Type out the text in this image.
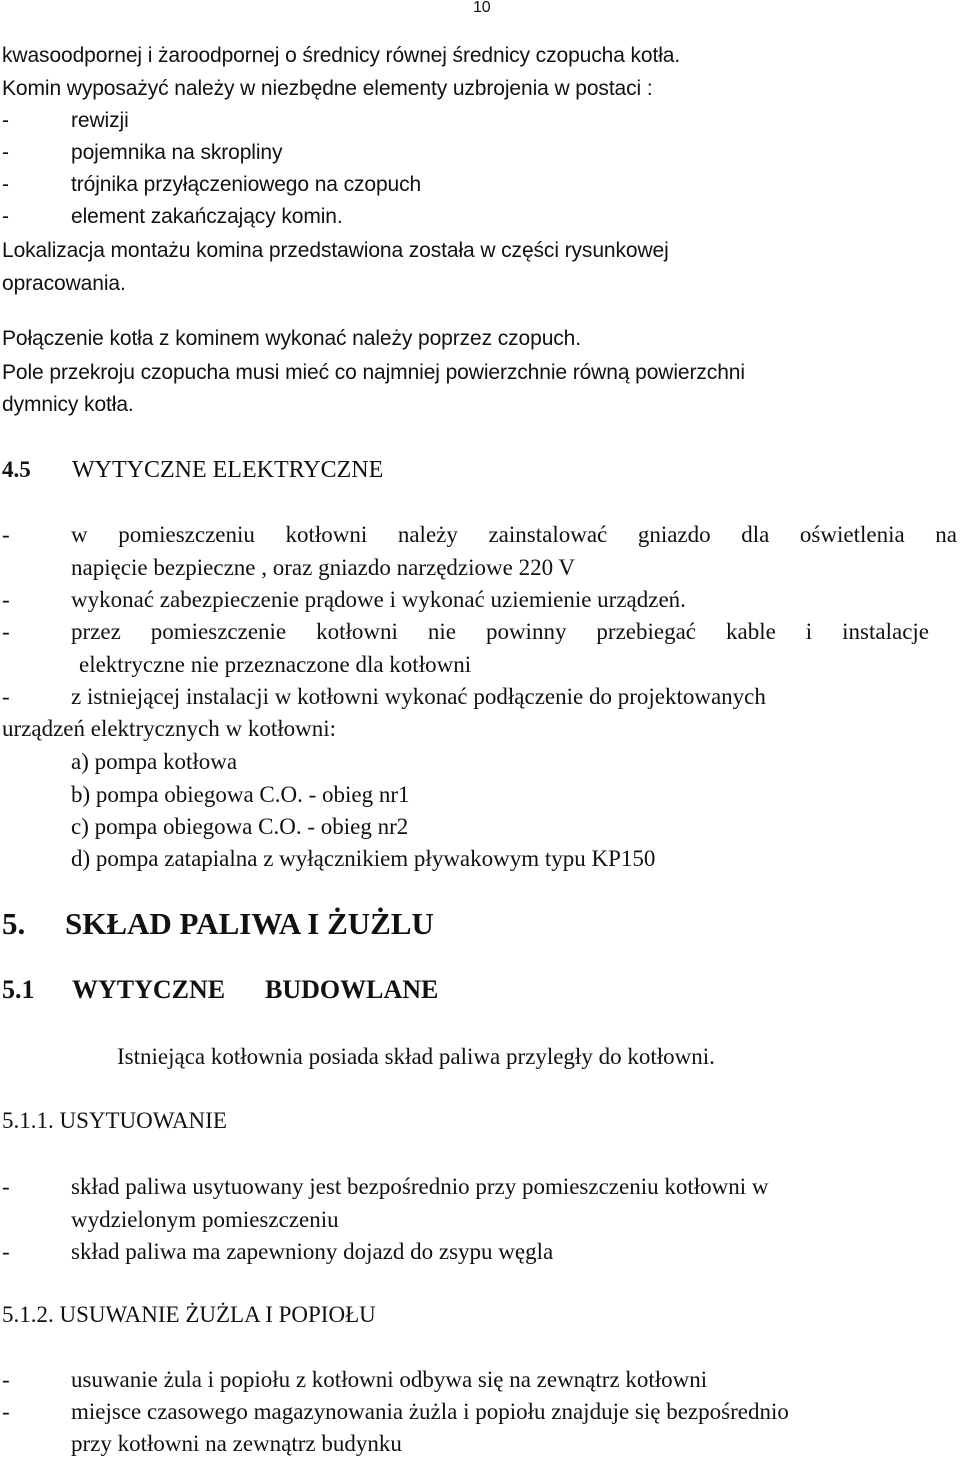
10
kwasoodpornej i żaroodpornej o średnicy równej średnicy czopucha kotła.
Komin wyposażyć należy w niezbędne elementy uzbrojenia w postaci :
-	rewizji
-	pojemnika na skropliny
-	trójnika przyłączeniowego na czopuch
-	element zakańczający komin.
Lokalizacja montażu komina przedstawiona została w części rysunkowej
opracowania.
Połączenie kotła z kominem wykonać należy poprzez czopuch.
Pole przekroju czopucha musi mieć co najmniej powierzchnie równą powierzchni
dymnicy kotła.
4.5 WYTYCZNE ELEKTRYCZNE
-	w pomieszczeniu kotłowni należy zainstalować gniazdo dla oświetlenia na
napięcie bezpieczne , oraz gniazdo narzędziowe 220 V
-	wykonać zabezpieczenie prądowe i wykonać uziemienie urządzeń.
-	przez pomieszczenie kotłowni nie powinny przebiegać kable i instalacje
elektryczne nie przeznaczone dla kotłowni
-	z istniejącej instalacji w kotłowni wykonać podłączenie do projektowanych
urządzeń elektrycznych w kotłowni:
a) pompa kotłowa
b) pompa obiegowa C.O. - obieg nr1
c) pompa obiegowa C.O. - obieg nr2
d) pompa zatapialna z wyłącznikiem pływakowym typu KP150
5. SKŁAD PALIWA I ŻUŻLU
5.1 WYTYCZNE BUDOWLANE
Istniejąca kotłownia posiada skład paliwa przyległy do kotłowni.
5.1.1. USYTUOWANIE
-	skład paliwa usytuowany jest bezpośrednio przy pomieszczeniu kotłowni w
wydzielonym pomieszczeniu
-	skład paliwa ma zapewniony dojazd do zsypu węgla
5.1.2. USUWANIE ŻUŻLA I POPIOŁU
-	usuwanie żula i popiołu z kotłowni odbywa się na zewnątrz kotłowni
-	miejsce czasowego magazynowania żużla i popiołu znajduje się bezpośrednio
przy kotłowni na zewnątrz budynku
